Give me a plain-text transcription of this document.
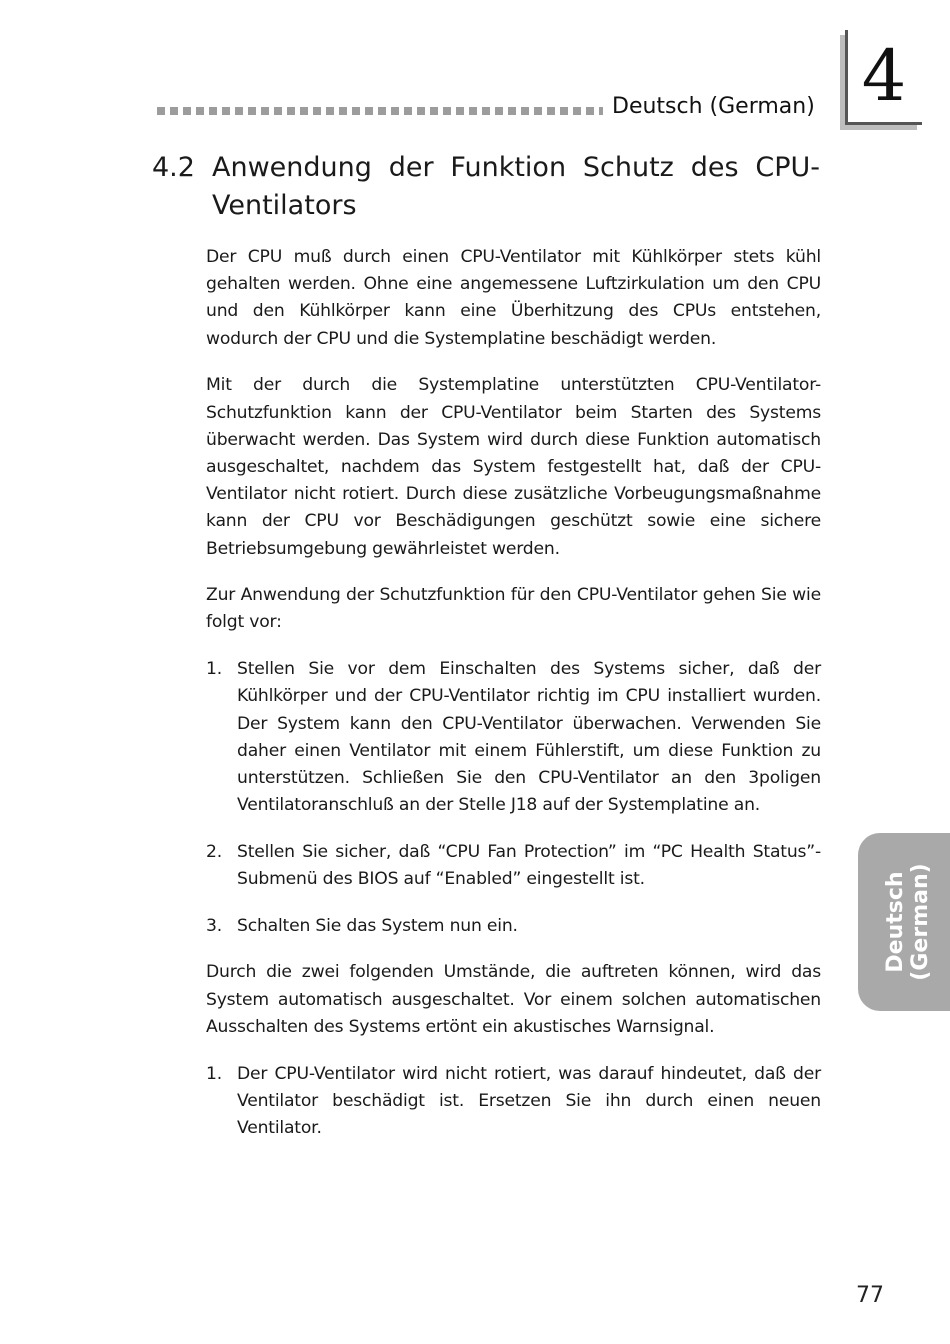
Deutsch (German) 4
4.2 Anwendung der Funktion Schutz des CPU-Ventilators

Der CPU muß durch einen CPU-Ventilator mit Kühlkörper stets kühl gehalten werden. Ohne eine angemessene Luftzirkulation um den CPU und den Kühlkörper kann eine Überhitzung des CPUs entstehen, wodurch der CPU und die Systemplatine beschädigt werden.

Mit der durch die Systemplatine unterstützten CPU-Ventilator-Schutzfunktion kann der CPU-Ventilator beim Starten des Systems überwacht werden. Das System wird durch diese Funktion automatisch ausgeschaltet, nachdem das System festgestellt hat, daß der CPU-Ventilator nicht rotiert. Durch diese zusätzliche Vorbeugungsmaßnahme kann der CPU vor Beschädigungen geschützt sowie eine sichere Betriebsumgebung gewährleistet werden.

Zur Anwendung der Schutzfunktion für den CPU-Ventilator gehen Sie wie folgt vor:

1. Stellen Sie vor dem Einschalten des Systems sicher, daß der Kühlkörper und der CPU-Ventilator richtig im CPU installiert wurden. Der System kann den CPU-Ventilator überwachen. Verwenden Sie daher einen Ventilator mit einem Fühlerstift, um diese Funktion zu unterstützen. Schließen Sie den CPU-Ventilator an den 3poligen Ventilatoranschluß an der Stelle J18 auf der Systemplatine an.
2. Stellen Sie sicher, daß “CPU Fan Protection” im “PC Health Status”-Submenü des BIOS auf “Enabled” eingestellt ist.
3. Schalten Sie das System nun ein.

Durch die zwei folgenden Umstände, die auftreten können, wird das System automatisch ausgeschaltet. Vor einem solchen automatischen Ausschalten des Systems ertönt ein akustisches Warnsignal.

1. Der CPU-Ventilator wird nicht rotiert, was darauf hindeutet, daß der Ventilator beschädigt ist. Ersetzen Sie ihn durch einen neuen Ventilator.
Deutsch (German)
77
